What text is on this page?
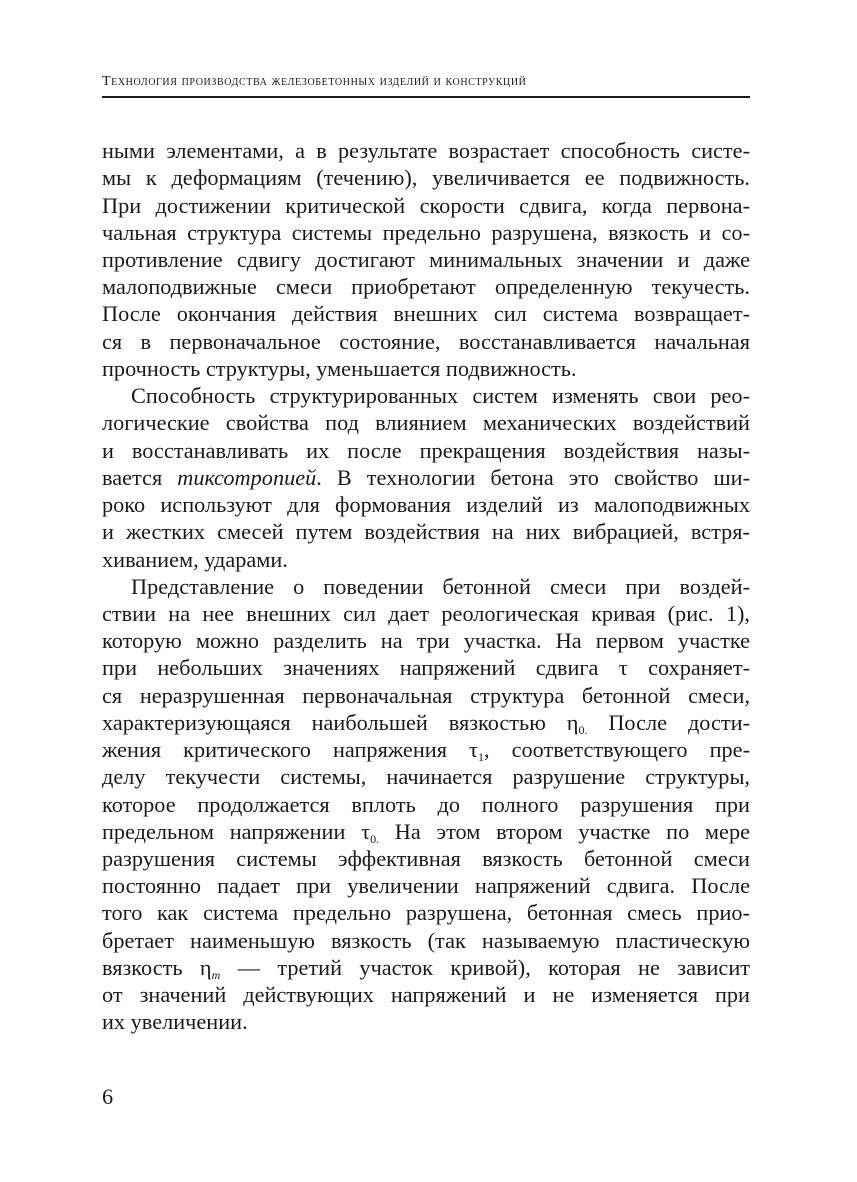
Технология производства железобетонных изделий и конструкций
ными элементами, а в результате возрастает способность систе-
мы к деформациям (течению), увеличивается ее подвижность.
При достижении критической скорости сдвига, когда первона-
чальная структура системы предельно разрушена, вязкость и со-
противление сдвигу достигают минимальных значении и даже
малоподвижные смеси приобретают определенную текучесть.
После окончания действия внешних сил система возвращает-
ся в первоначальное состояние, восстанавливается начальная
прочность структуры, уменьшается подвижность.
Способность структурированных систем изменять свои рео-
логические свойства под влиянием механических воздействий
и восстанавливать их после прекращения воздействия назы-
вается тиксотропией. В технологии бетона это свойство ши-
роко используют для формования изделий из малоподвижных
и жестких смесей путем воздействия на них вибрацией, встря-
хиванием, ударами.
Представление о поведении бетонной смеси при воздей-
ствии на нее внешних сил дает реологическая кривая (рис. 1),
которую можно разделить на три участка. На первом участке
при небольших значениях напряжений сдвига τ сохраняет-
ся неразрушенная первоначальная структура бетонной смеси,
характеризующаяся наибольшей вязкостью $\eta_{0.}$ После дости-
жения критического напряжения $\tau_1$, соответствующего пре-
делу текучести системы, начинается разрушение структуры,
которое продолжается вплоть до полного разрушения при
предельном напряжении $\tau_{0.}$ На этом втором участке по мере
разрушения системы эффективная вязкость бетонной смеси
постоянно падает при увеличении напряжений сдвига. После
того как система предельно разрушена, бетонная смесь прио-
бретает наименьшую вязкость (так называемую пластическую
вязкость $\eta_m$ — третий участок кривой), которая не зависит
от значений действующих напряжений и не изменяется при
их увеличении.
6
